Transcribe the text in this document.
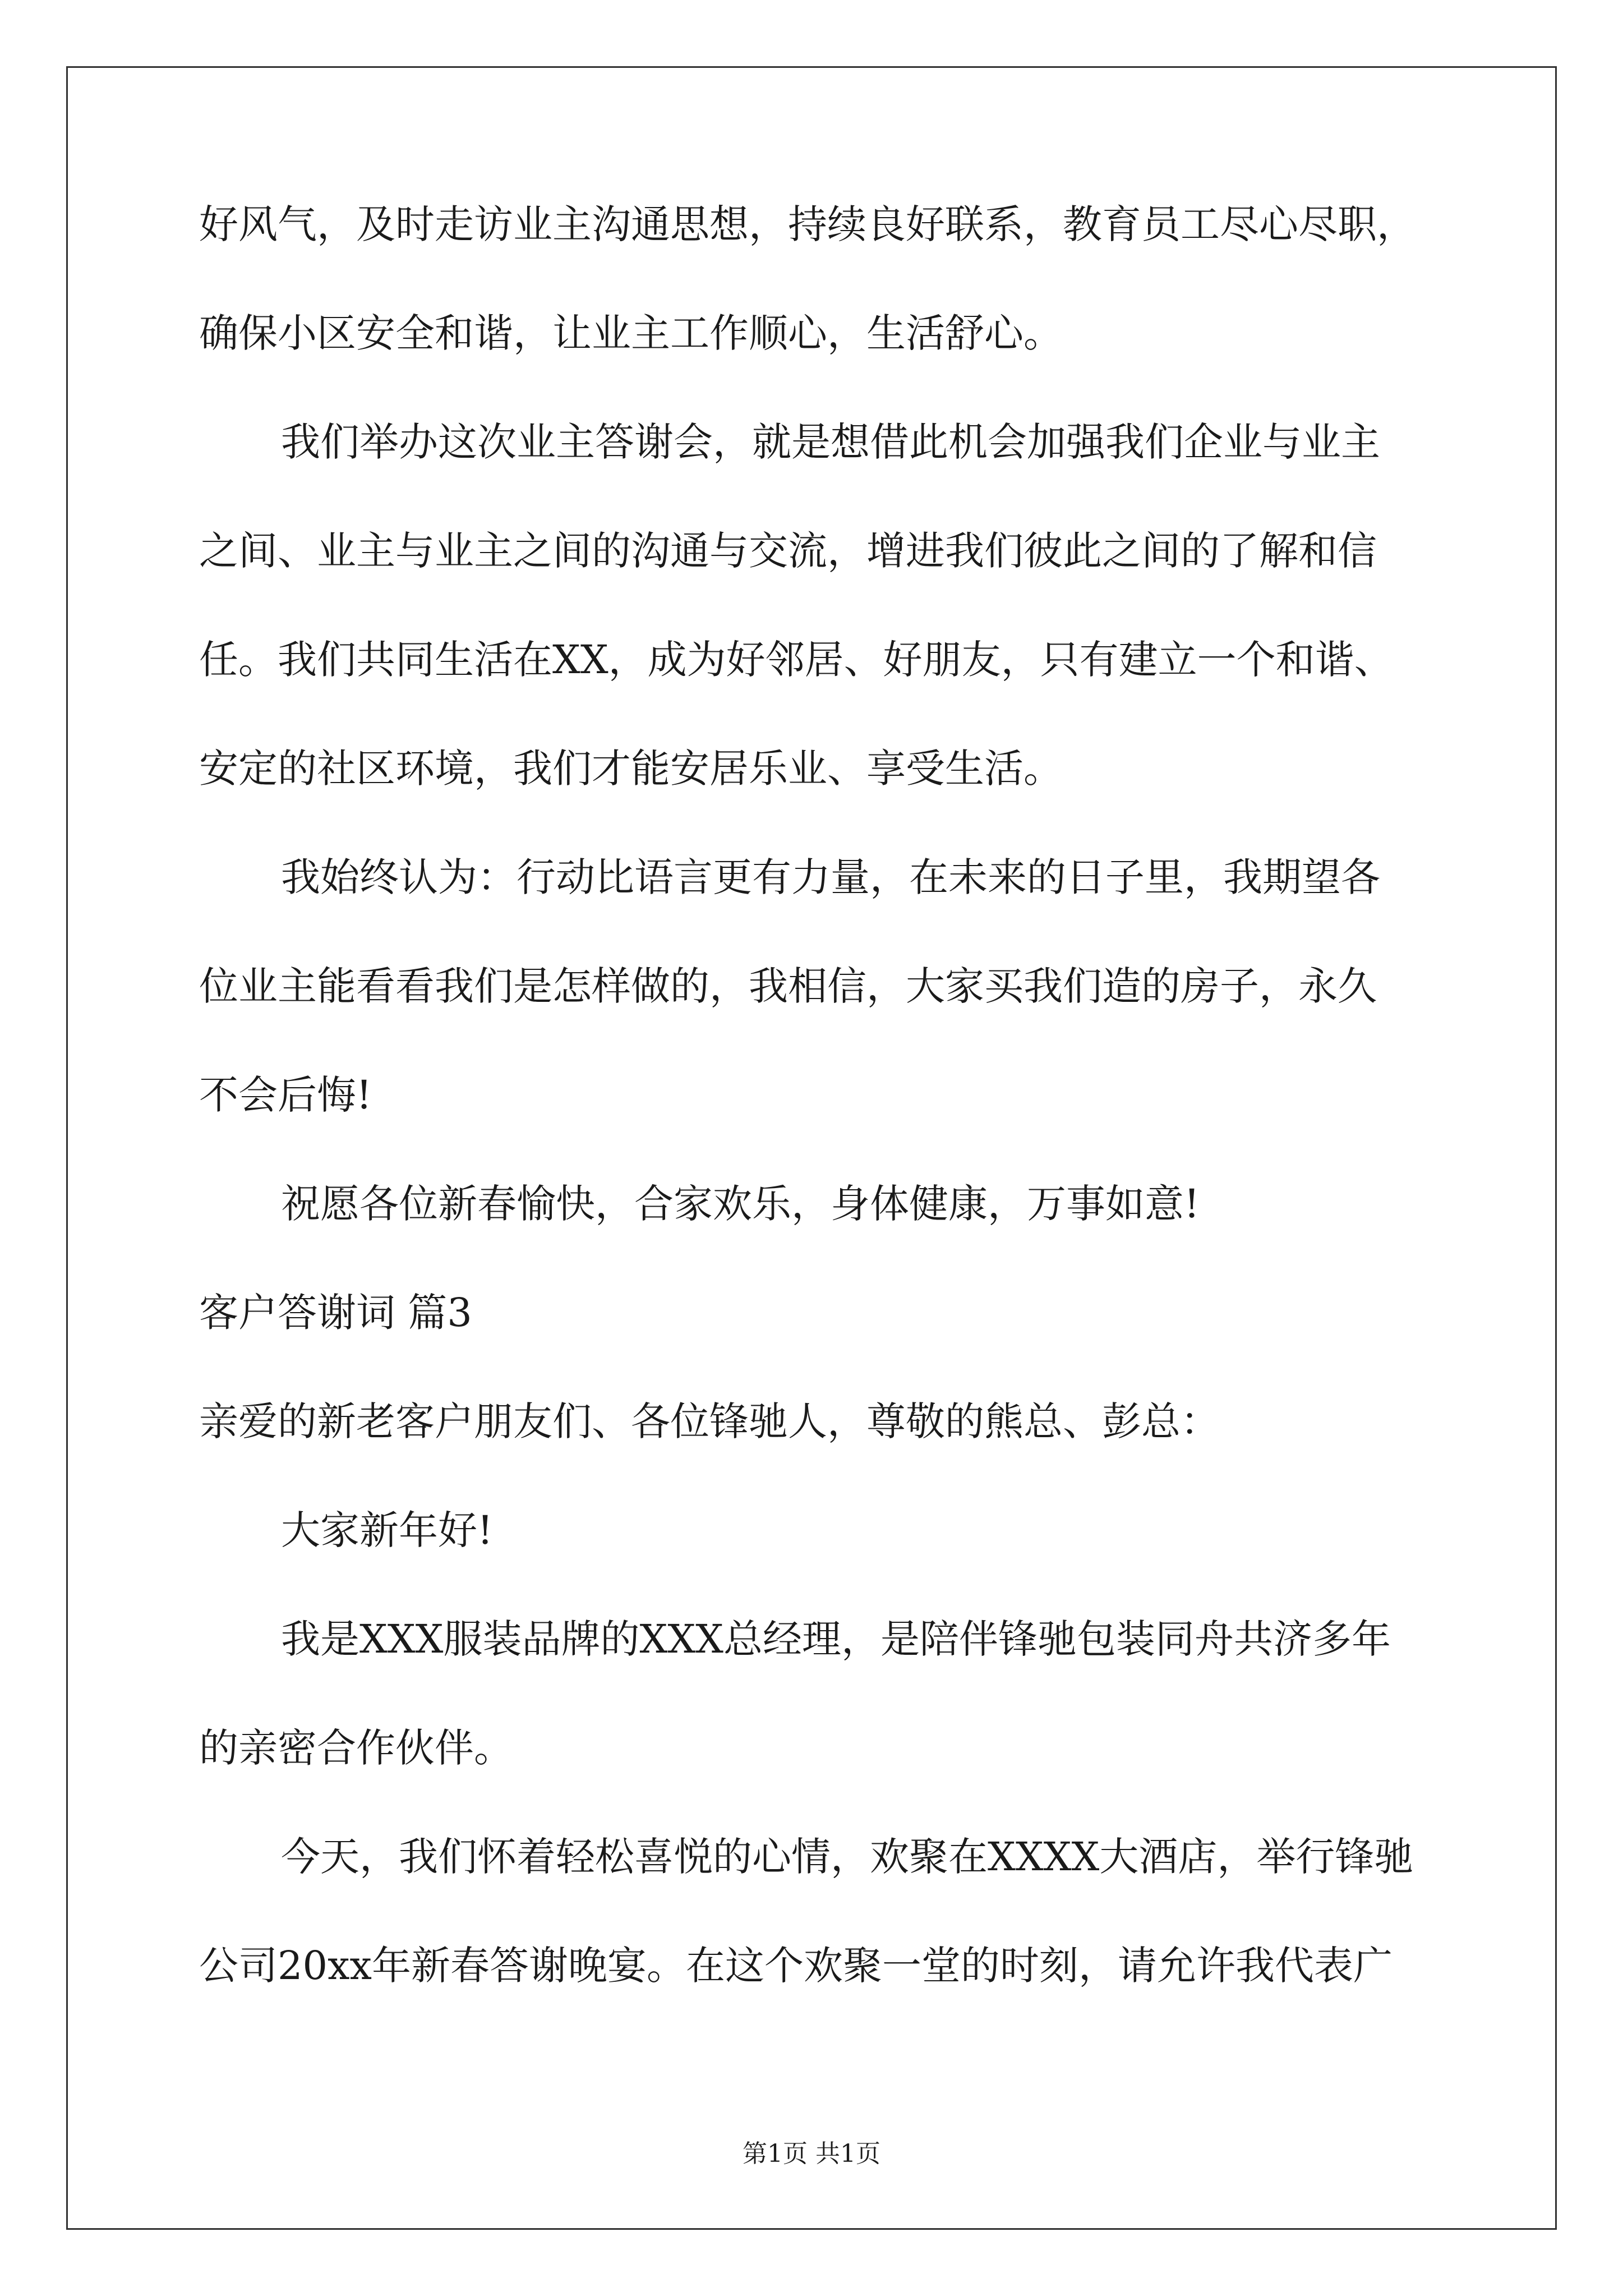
好风气，及时走访业主沟通思想，持续良好联系，教育员工尽心尽职，
确保小区安全和谐，让业主工作顺心，生活舒心。
我们举办这次业主答谢会，就是想借此机会加强我们企业与业主
之间、业主与业主之间的沟通与交流，增进我们彼此之间的了解和信
任。我们共同生活在XX，成为好邻居、好朋友，只有建立一个和谐、
安定的社区环境，我们才能安居乐业、享受生活。
我始终认为：行动比语言更有力量，在未来的日子里，我期望各
位业主能看看我们是怎样做的，我相信，大家买我们造的房子，永久
不会后悔!
祝愿各位新春愉快，合家欢乐，身体健康，万事如意!
客户答谢词 篇3
亲爱的新老客户朋友们、各位锋驰人，尊敬的熊总、彭总：
大家新年好!
我是XXX服装品牌的XXX总经理，是陪伴锋驰包装同舟共济多年
的亲密合作伙伴。
今天，我们怀着轻松喜悦的心情，欢聚在XXXX大酒店，举行锋驰
公司20xx年新春答谢晚宴。在这个欢聚一堂的时刻，请允许我代表广
第1页 共1页
